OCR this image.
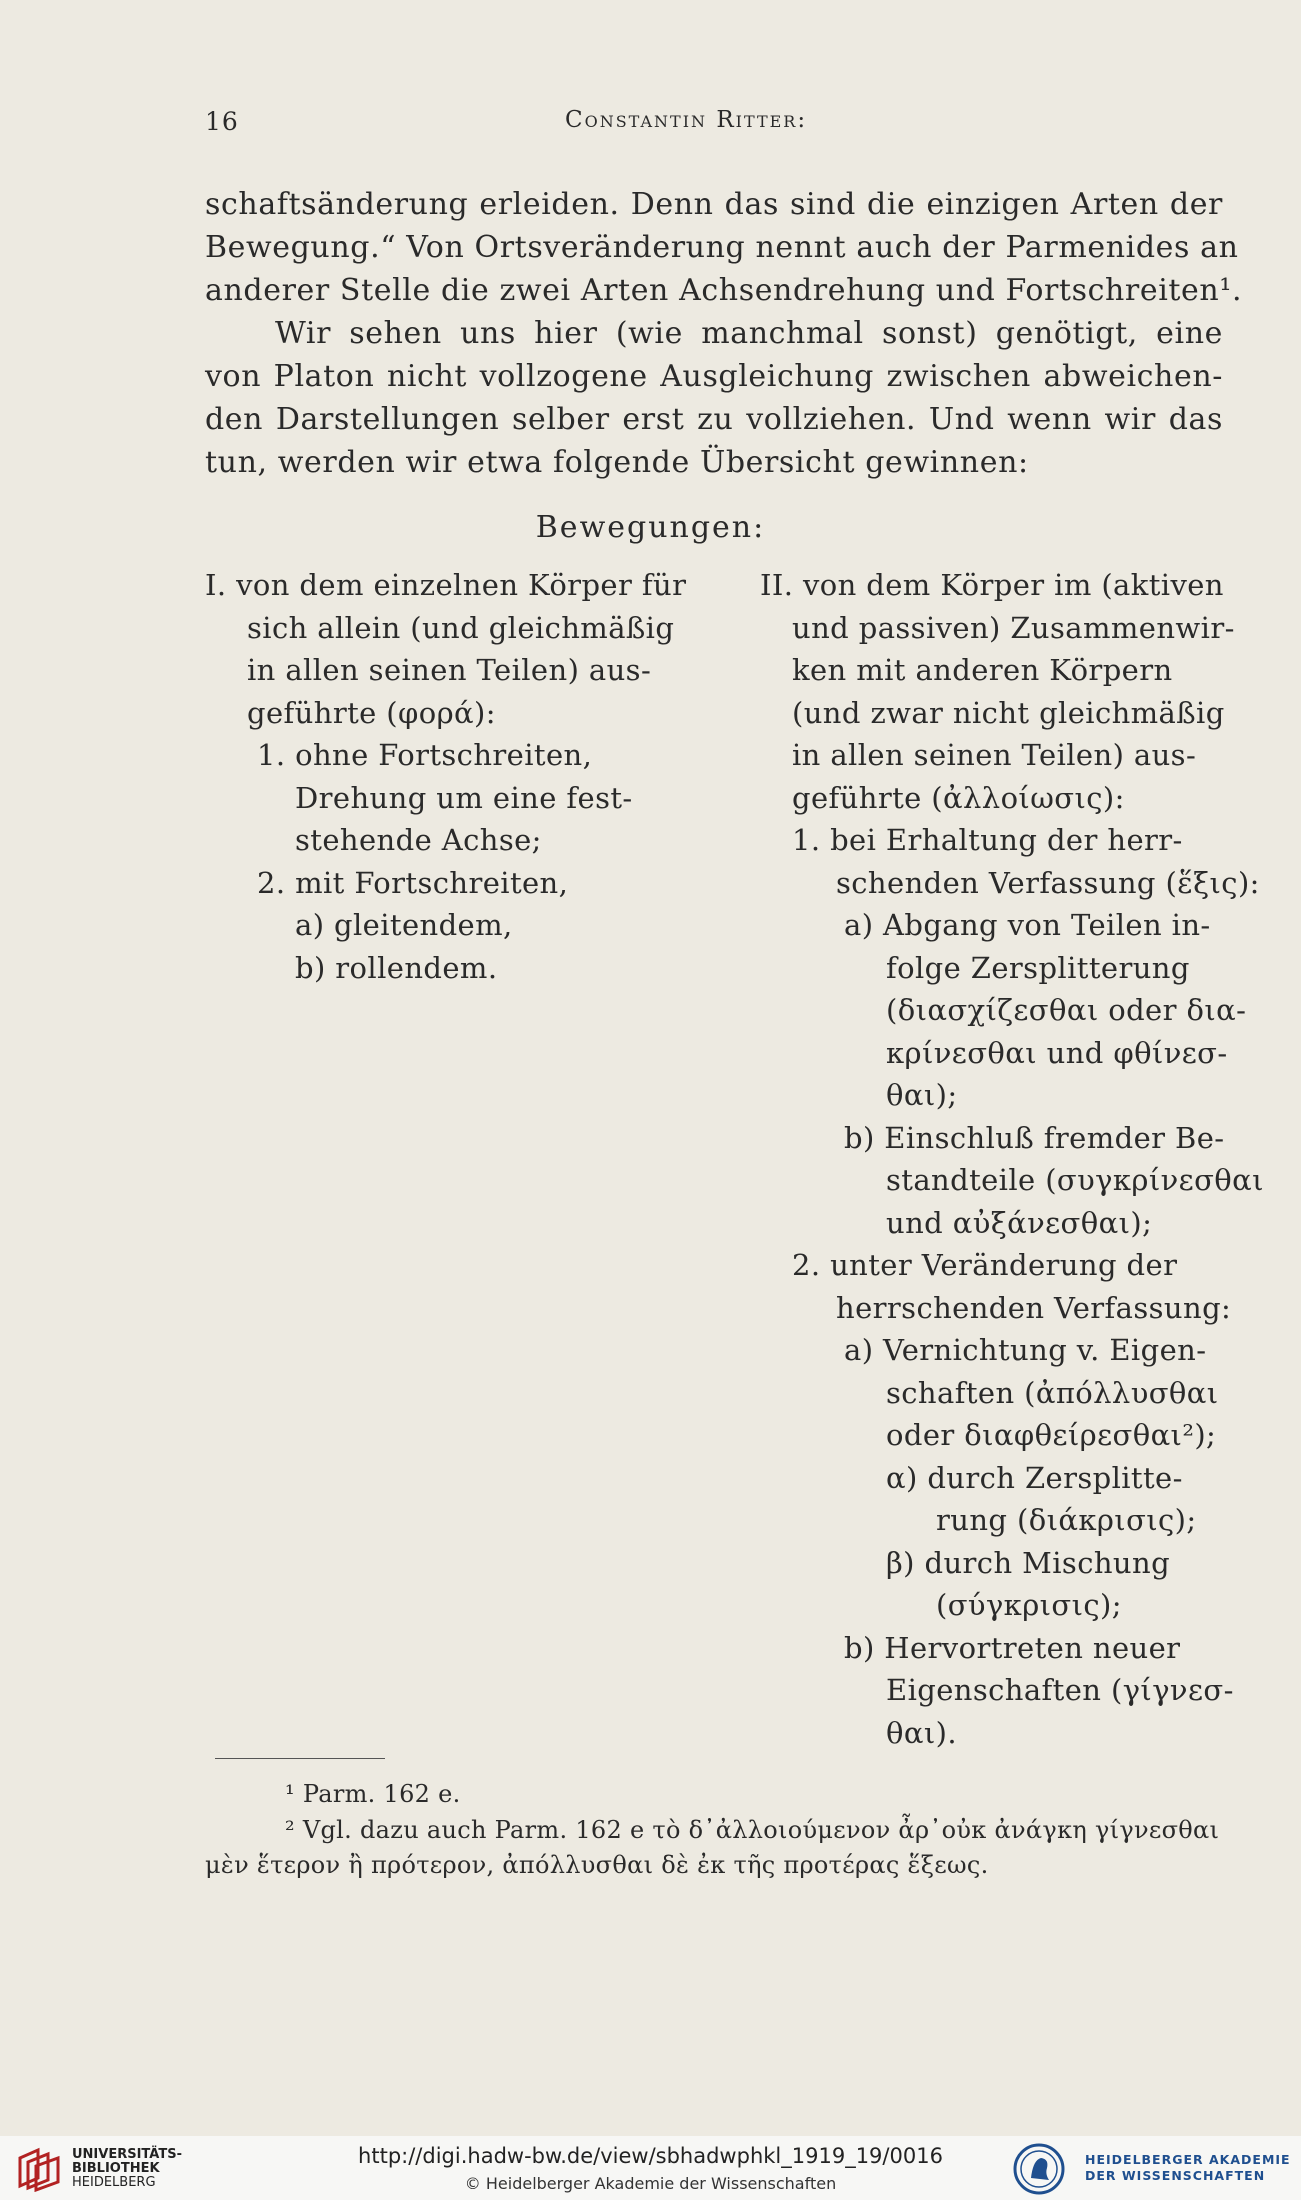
16	Constantin Ritter:
schaftsänderung erleiden. Denn das sind die einzigen Arten der
Bewegung.“ Von Ortsveränderung nennt auch der Parmenides an
anderer Stelle die zwei Arten Achsendrehung und Fortschreiten¹.
Wir sehen uns hier (wie manchmal sonst) genötigt, eine
von Platon nicht vollzogene Ausgleichung zwischen abweichen-
den Darstellungen selber erst zu vollziehen. Und wenn wir das
tun, werden wir etwa folgende Übersicht gewinnen:
Bewegungen:
I. von dem einzelnen Körper für
sich allein (und gleichmäßig
in allen seinen Teilen) aus-
geführte (φορά):
1. ohne Fortschreiten,
Drehung um eine fest-
stehende Achse;
2. mit Fortschreiten,
a) gleitendem,
b) rollendem.
II. von dem Körper im (aktiven
und passiven) Zusammenwir-
ken mit anderen Körpern
(und zwar nicht gleichmäßig
in allen seinen Teilen) aus-
geführte (ἀλλοίωσις):
1. bei Erhaltung der herr-
schenden Verfassung (ἕξις):
a) Abgang von Teilen in-
folge Zersplitterung
(διασχίζεσθαι oder δια-
κρίνεσθαι und φθίνεσ-
θαι);
b) Einschluß fremder Be-
standteile (συγκρίνεσθαι
und αὐξάνεσθαι);
2. unter Veränderung der
herrschenden Verfassung:
a) Vernichtung v. Eigen-
schaften (ἀπόλλυσθαι
oder διαφθείρεσθαι²);
α) durch Zersplitte-
rung (διάκρισις);
β) durch Mischung
(σύγκρισις);
b) Hervortreten neuer
Eigenschaften (γίγνεσ-
θαι).
¹ Parm. 162 e.
² Vgl. dazu auch Parm. 162 e τὸ δ᾽ἀλλοιούμενον ἆρ᾽οὐκ ἀνάγκη γίγνεσθαι
μὲν ἕτερον ἢ πρότερον, ἀπόλλυσθαι δὲ ἐκ τῆς προτέρας ἕξεως.
UNIVERSITÄTS-
BIBLIOTHEK
HEIDELBERG
http://digi.hadw-bw.de/view/sbhadwphkl_1919_19/0016
© Heidelberger Akademie der Wissenschaften
HEIDELBERGER AKADEMIE
DER WISSENSCHAFTEN
